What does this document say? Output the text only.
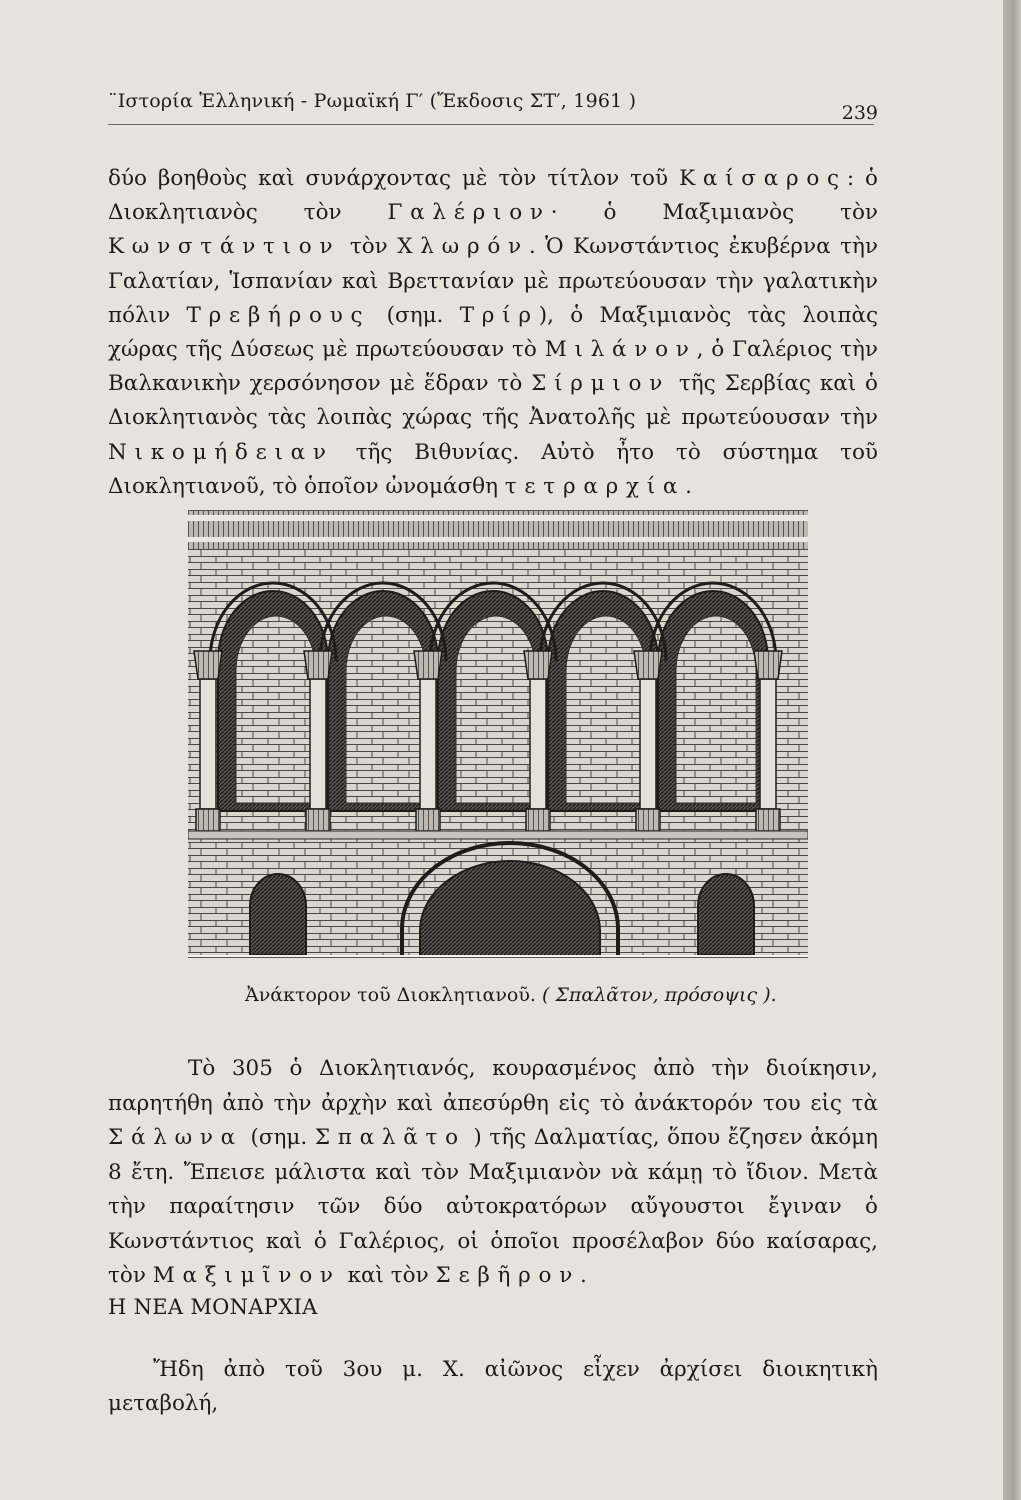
¨Ιστορία Ἑλληνική - Ρωμαϊκή Γ′ (Ἔκδοσις ΣΤ′, 1961 )
239
δύο βοηθοὺς καὶ συνάρχοντας μὲ τὸν τίτλον τοῦ Καίσαρος: ὁ Διοκλητιανὸς τὸν Γαλέριον· ὁ Μαξιμιανὸς τὸν Κωνστάντιον τὸν Χλωρόν. Ὁ Κωνστάντιος ἐκυβέρνα τὴν Γαλατίαν, Ἱσπανίαν καὶ Βρεττανίαν μὲ πρωτεύουσαν τὴν γαλατικὴν πόλιν Τρεβήρους (σημ. Τρίρ), ὁ Μαξιμιανὸς τὰς λοιπὰς χώρας τῆς Δύσεως μὲ πρωτεύουσαν τὸ Μιλάνον, ὁ Γαλέριος τὴν Βαλκανικὴν χερσόνησον μὲ ἕδραν τὸ Σίρμιον τῆς Σερβίας καὶ ὁ Διοκλητιανὸς τὰς λοιπὰς χώρας τῆς Ἀνατολῆς μὲ πρωτεύουσαν τὴν Νικομήδειαν τῆς Βιθυνίας. Αὐτὸ ἦτο τὸ σύστημα τοῦ Διοκλητιανοῦ, τὸ ὁποῖον ὠνομάσθη τετραρχία.
Ἀνάκτορον τοῦ Διοκλητιανοῦ. ( Σπαλᾶτον, πρόσοψις ).
Τὸ 305 ὁ Διοκλητιανός, κουρασμένος ἀπὸ τὴν διοίκησιν, παρητήθη ἀπὸ τὴν ἀρχὴν καὶ ἀπεσύρθη εἰς τὸ ἀνάκτορόν του εἰς τὰ Σάλωνα (σημ. Σπαλᾶτο ) τῆς Δαλματίας, ὅπου ἔζησεν ἀκόμη 8 ἔτη. Ἔπεισε μάλιστα καὶ τὸν Μαξιμιανὸν νὰ κάμῃ τὸ ἴδιον. Μετὰ τὴν παραίτησιν τῶν δύο αὐτοκρατόρων αὔγουστοι ἔγιναν ὁ Κωνστάντιος καὶ ὁ Γαλέριος, οἱ ὁποῖοι προσέλαβον δύο καίσαρας, τὸν Μαξιμῖνον καὶ τὸν Σεβῆρον.
Η ΝΕΑ ΜΟΝΑΡΧΙΑ
Ἤδη ἀπὸ τοῦ 3ου μ. Χ. αἰῶνος εἶχεν ἀρχίσει διοικητικὴ μεταβολή,
